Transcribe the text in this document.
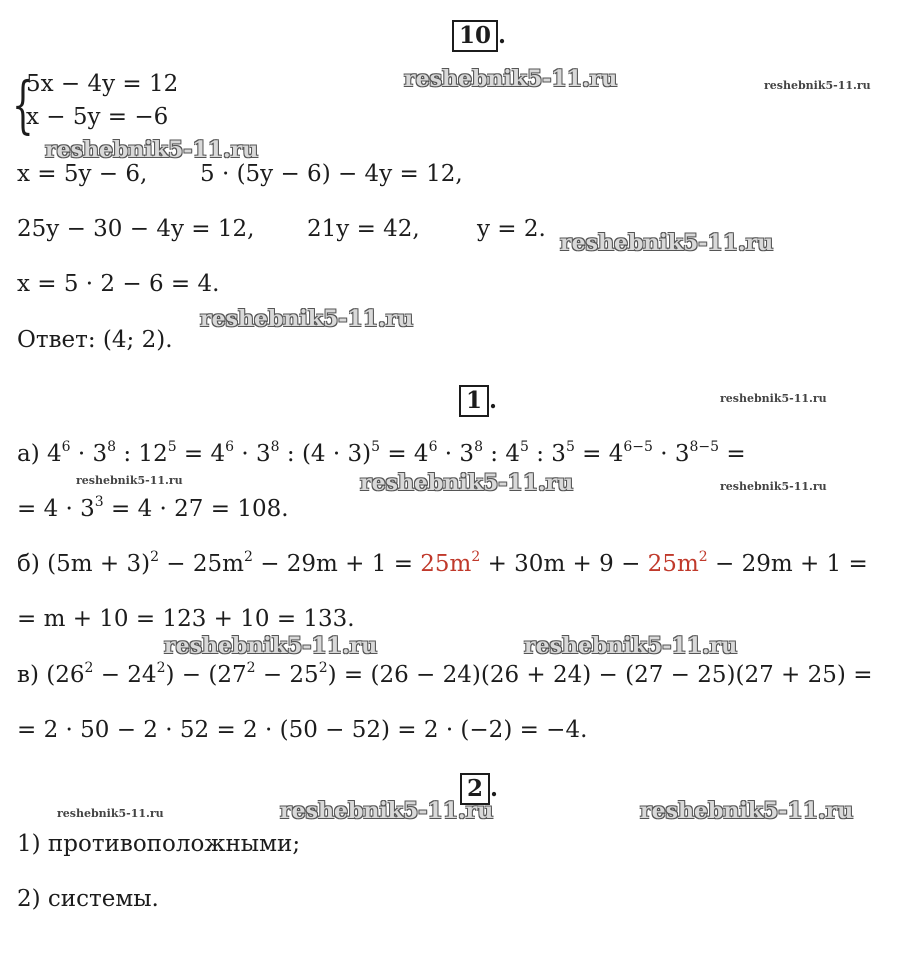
10 .
{
5x − 4y = 12
x − 5y = −6
x = 5y − 6, 5 · (5y − 6) − 4y = 12,
25y − 30 − 4y = 12, 21y = 42, y = 2.
x = 5 · 2 − 6 = 4.
Ответ: (4; 2).
1 .
а) $4^6 \cdot 3^8$ : $12^5 = 4^6 \cdot 3^8$ : $(4 \cdot 3)^5 = 4^6 \cdot 3^8$ : $4^5$ : $3^5 = 4^{6-5} \cdot 3^{8-5}$ =
= $4 \cdot 3^3 = 4 \cdot 27 = 108$.
б) $(5m + 3)^2 - 25m^2 - 29m + 1 = 25m^2 + 30m + 9 - 25m^2 - 29m + 1$ =
= m + 10 = 123 + 10 = 133.
в) $(26^2 - 24^2) - (27^2 - 25^2) = (26 - 24)(26 + 24) - (27 - 25)(27 + 25)$ =
= 2 · 50 − 2 · 52 = 2 · (50 − 52) = 2 · (−2) = −4.
2 .
1) противоположными;
2) системы.
reshebnik5-11.ru	reshebnik5-11.ru
reshebnik5-11.ru
reshebnik5-11.ru
reshebnik5-11.ru
reshebnik5-11.ru
reshebnik5-11.ru	reshebnik5-11.ru	reshebnik5-11.ru
reshebnik5-11.ru	reshebnik5-11.ru
reshebnik5-11.ru	reshebnik5-11.ru	reshebnik5-11.ru
